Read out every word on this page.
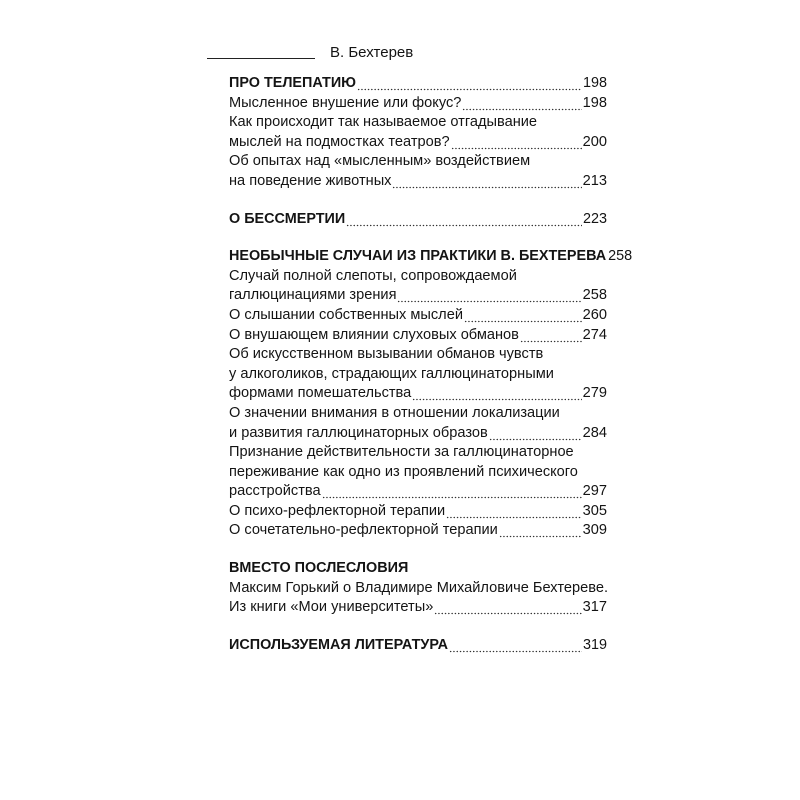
В. Бехтерев
ПРО ТЕЛЕПАТИЮ	198
Мысленное внушение или фокус?	198
Как происходит так называемое отгадывание
мыслей на подмостках театров?	200
Об опытах над «мысленным» воздействием
на поведение животных	213
О БЕССМЕРТИИ	223
НЕОБЫЧНЫЕ СЛУЧАИ ИЗ ПРАКТИКИ В. БЕХТЕРЕВА 258
Случай полной слепоты, сопровождаемой
галлюцинациями зрения	258
О слышании собственных мыслей	260
О внушающем влиянии слуховых обманов	274
Об искусственном вызывании обманов чувств
у алкоголиков, страдающих галлюцинаторными
формами помешательства	279
О значении внимания в отношении локализации
и развития галлюцинаторных образов	284
Признание действительности за галлюцинаторное
переживание как одно из проявлений психического
расстройства	297
О психо-рефлекторной терапии	305
О сочетательно-рефлекторной терапии	309
ВМЕСТО ПОСЛЕСЛОВИЯ
Максим Горький о Владимире Михайловиче Бехтереве.
Из книги «Мои университеты»	317
ИСПОЛЬЗУЕМАЯ ЛИТЕРАТУРА	319
